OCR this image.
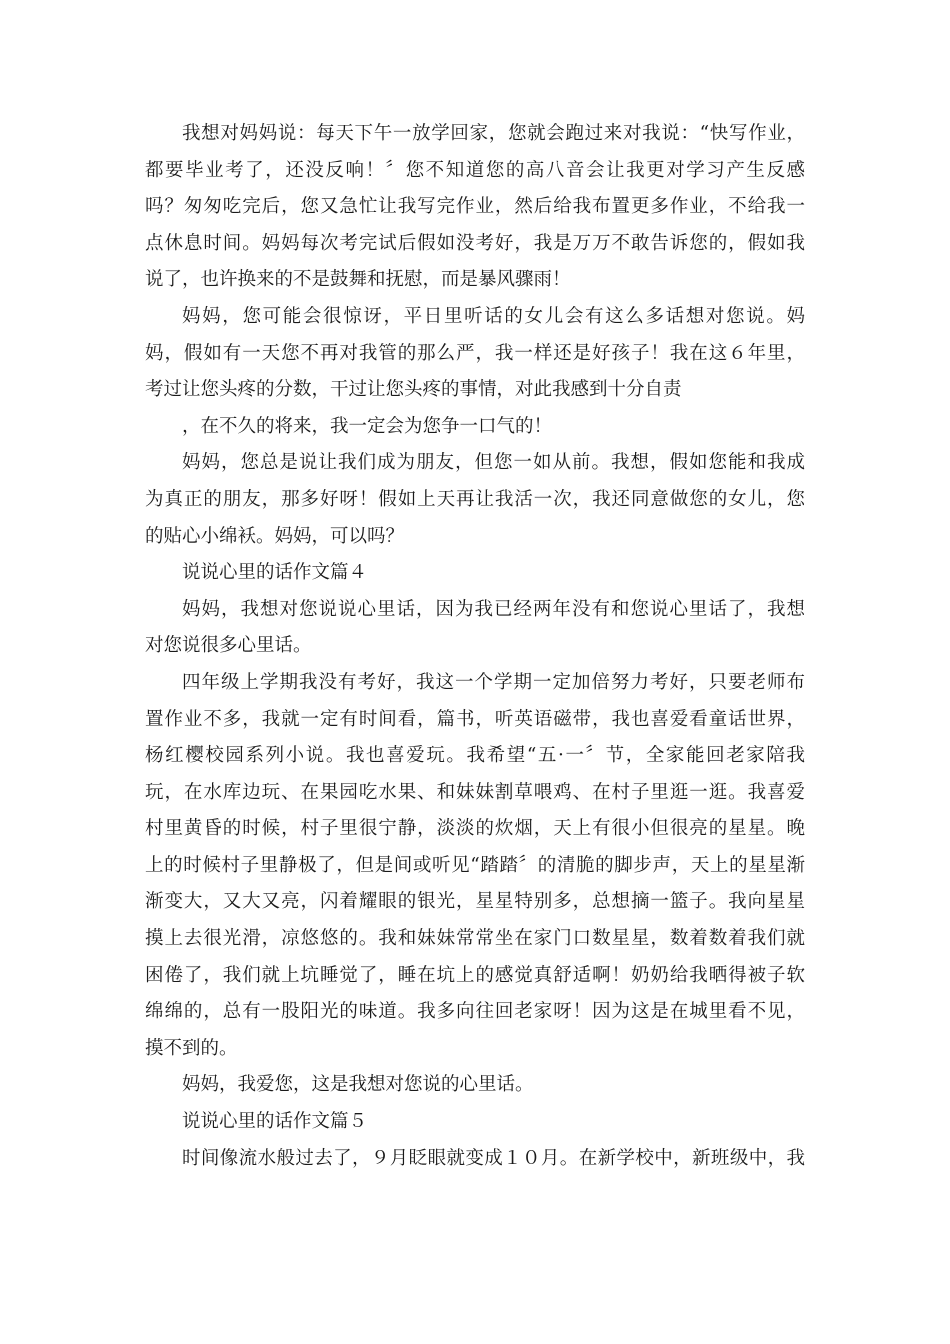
我想对妈妈说：每天下午一放学回家，您就会跑过来对我说：“快写作业，
都要毕业考了，还没反响！〞您不知道您的高八音会让我更对学习产生反感
吗？匆匆吃完后，您又急忙让我写完作业，然后给我布置更多作业，不给我一
点休息时间。妈妈每次考完试后假如没考好，我是万万不敢告诉您的，假如我
说了，也许换来的不是鼓舞和抚慰，而是暴风骤雨！
妈妈，您可能会很惊讶，平日里听话的女儿会有这么多话想对您说。妈
妈，假如有一天您不再对我管的那么严，我一样还是好孩子！我在这６年里，
考过让您头疼的分数，干过让您头疼的事情，对此我感到十分自责
，在不久的将来，我一定会为您争一口气的！
妈妈，您总是说让我们成为朋友，但您一如从前。我想，假如您能和我成
为真正的朋友，那多好呀！假如上天再让我活一次，我还同意做您的女儿，您
的贴心小绵袄。妈妈，可以吗？
说说心里的话作文篇４
妈妈，我想对您说说心里话，因为我已经两年没有和您说心里话了，我想
对您说很多心里话。
四年级上学期我没有考好，我这一个学期一定加倍努力考好，只要老师布
置作业不多，我就一定有时间看，篇书，听英语磁带，我也喜爱看童话世界，
杨红樱校园系列小说。我也喜爱玩。我希望“五·一〞节，全家能回老家陪我
玩，在水库边玩、在果园吃水果、和妹妹割草喂鸡、在村子里逛一逛。我喜爱
村里黄昏的时候，村子里很宁静，淡淡的炊烟，天上有很小但很亮的星星。晚
上的时候村子里静极了，但是间或听见“踏踏〞的清脆的脚步声，天上的星星渐
渐变大，又大又亮，闪着耀眼的银光，星星特别多，总想摘一篮子。我向星星
摸上去很光滑，凉悠悠的。我和妹妹常常坐在家门口数星星，数着数着我们就
困倦了，我们就上坑睡觉了，睡在坑上的感觉真舒适啊！奶奶给我晒得被子软
绵绵的，总有一股阳光的味道。我多向往回老家呀！因为这是在城里看不见，
摸不到的。
妈妈，我爱您，这是我想对您说的心里话。
说说心里的话作文篇５
时间像流水般过去了，９月眨眼就变成１０月。在新学校中，新班级中，我
